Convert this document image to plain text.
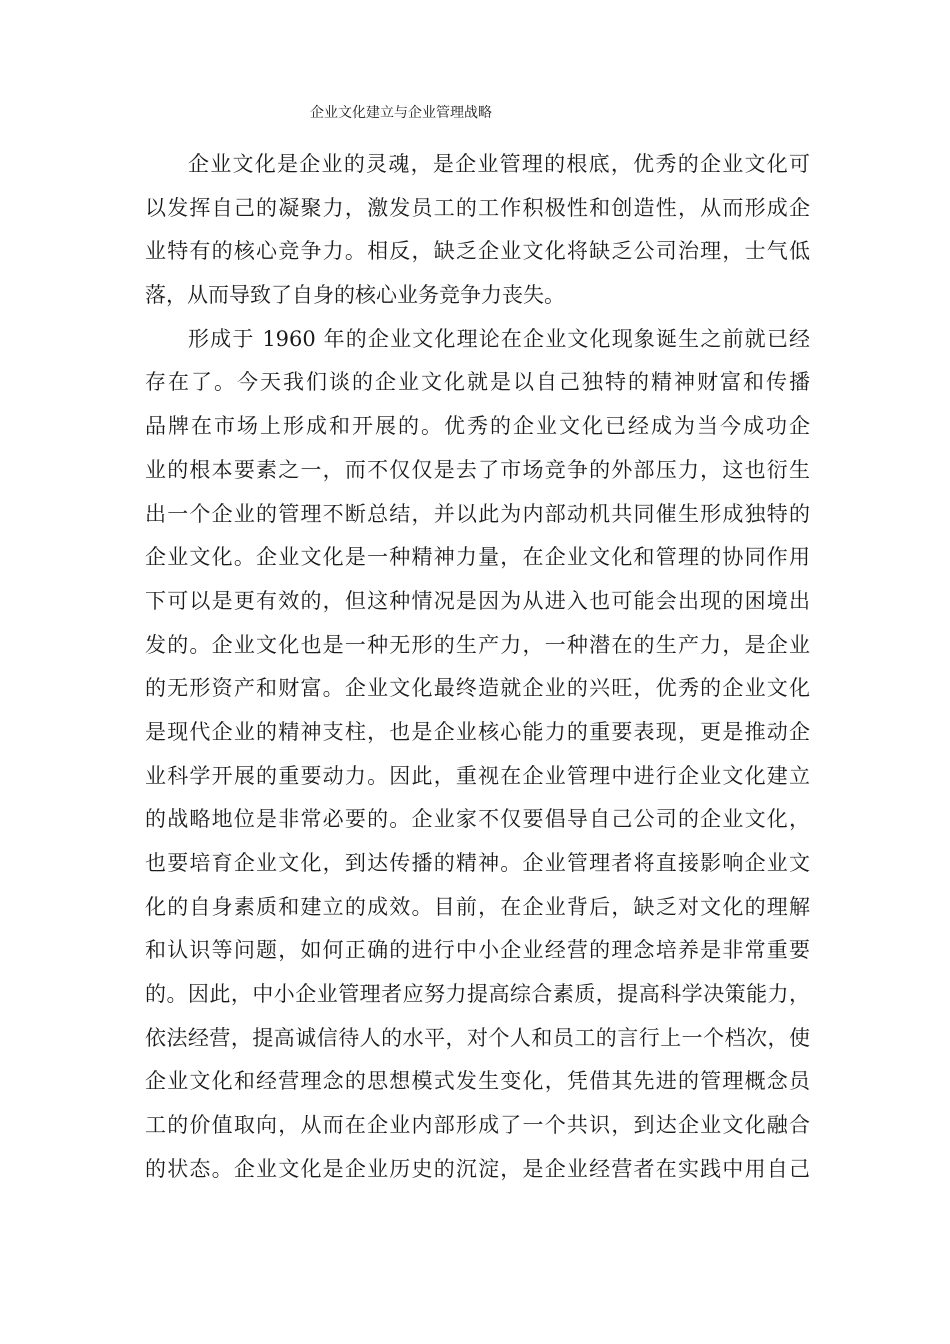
企业文化建立与企业管理战略
企业文化是企业的灵魂，是企业管理的根底，优秀的企业文化可
以发挥自己的凝聚力，激发员工的工作积极性和创造性，从而形成企
业特有的核心竞争力。相反，缺乏企业文化将缺乏公司治理，士气低
落，从而导致了自身的核心业务竞争力丧失。
形成于 1960 年的企业文化理论在企业文化现象诞生之前就已经
存在了。今天我们谈的企业文化就是以自己独特的精神财富和传播
品牌在市场上形成和开展的。优秀的企业文化已经成为当今成功企
业的根本要素之一，而不仅仅是去了市场竞争的外部压力，这也衍生
出一个企业的管理不断总结，并以此为内部动机共同催生形成独特的
企业文化。企业文化是一种精神力量，在企业文化和管理的协同作用
下可以是更有效的，但这种情况是因为从进入也可能会出现的困境出
发的。企业文化也是一种无形的生产力，一种潜在的生产力，是企业
的无形资产和财富。企业文化最终造就企业的兴旺，优秀的企业文化
是现代企业的精神支柱，也是企业核心能力的重要表现，更是推动企
业科学开展的重要动力。因此，重视在企业管理中进行企业文化建立
的战略地位是非常必要的。企业家不仅要倡导自己公司的企业文化，
也要培育企业文化，到达传播的精神。企业管理者将直接影响企业文
化的自身素质和建立的成效。目前，在企业背后，缺乏对文化的理解
和认识等问题，如何正确的进行中小企业经营的理念培养是非常重要
的。因此，中小企业管理者应努力提高综合素质，提高科学决策能力，
依法经营，提高诚信待人的水平，对个人和员工的言行上一个档次，使
企业文化和经营理念的思想模式发生变化，凭借其先进的管理概念员
工的价值取向，从而在企业内部形成了一个共识，到达企业文化融合
的状态。企业文化是企业历史的沉淀，是企业经营者在实践中用自己
